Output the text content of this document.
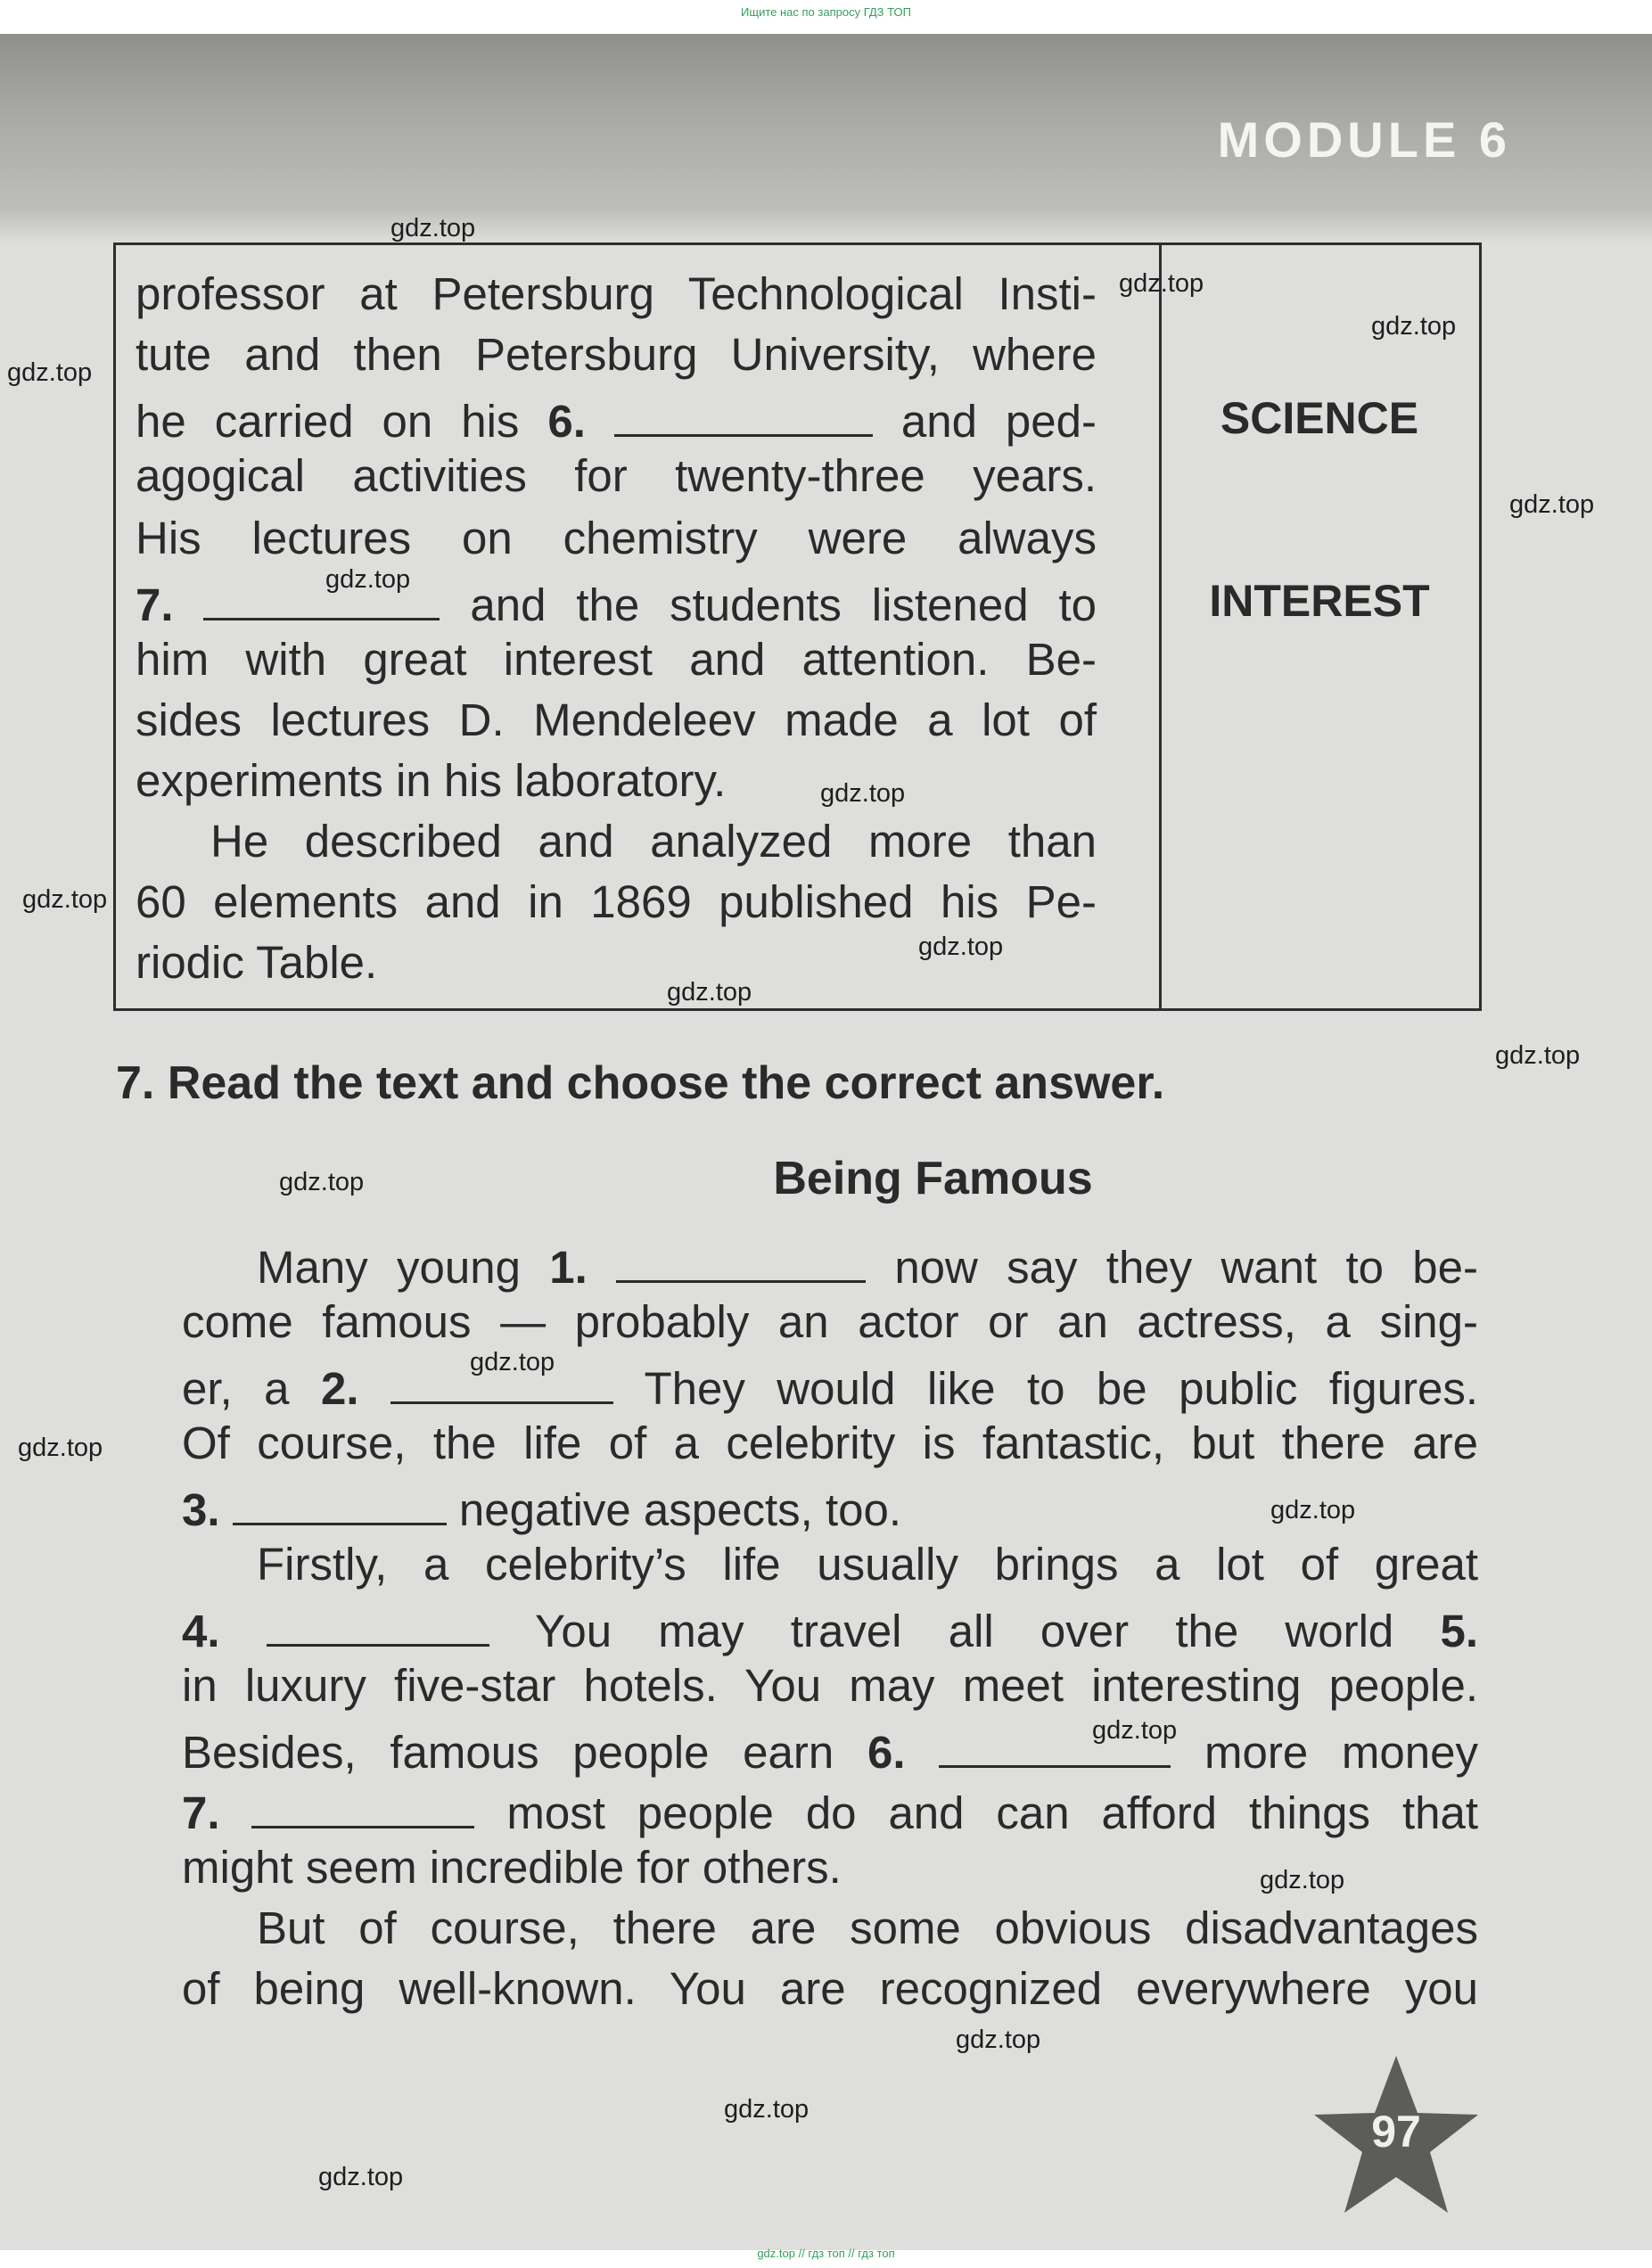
Ищите нас по запросу ГДЗ ТОП
MODULE 6
professor at Petersburg Technological Insti-
tute and then Petersburg University, where
he carried on his 6.	and ped-
agogical activities for twenty-three years.
His lectures on chemistry were always
7.	and the students listened to
him with great interest and attention. Be-
sides lectures D. Mendeleev made a lot of
experiments in his laboratory.
He described and analyzed more than
60 elements and in 1869 published his Pe-
riodic Table.
SCIENCE
INTEREST
7. Read the text and choose the correct answer.
Being Famous
Many young 1.	now say they want to be-
come famous — probably an actor or an actress, a sing-
er, a 2.	They would like to be public figures.
Of course, the life of a celebrity is fantastic, but there are
3.	negative aspects, too.
Firstly, a celebrity’s life usually brings a lot of great
4.	You may travel all over the world 5.
in luxury five-star hotels. You may meet interesting people.
Besides, famous people earn 6.	more money
7.	most people do and can afford things that
might seem incredible for others.
But of course, there are some obvious disadvantages
of being well-known. You are recognized everywhere you
gdz.top
gdz.top
gdz.top
gdz.top
gdz.top
gdz.top
gdz.top
gdz.top
gdz.top
gdz.top
gdz.top
gdz.top
gdz.top
gdz.top
gdz.top
gdz.top
gdz.top
gdz.top
gdz.top
gdz.top
97
gdz.top // гдз топ // гдз топ
